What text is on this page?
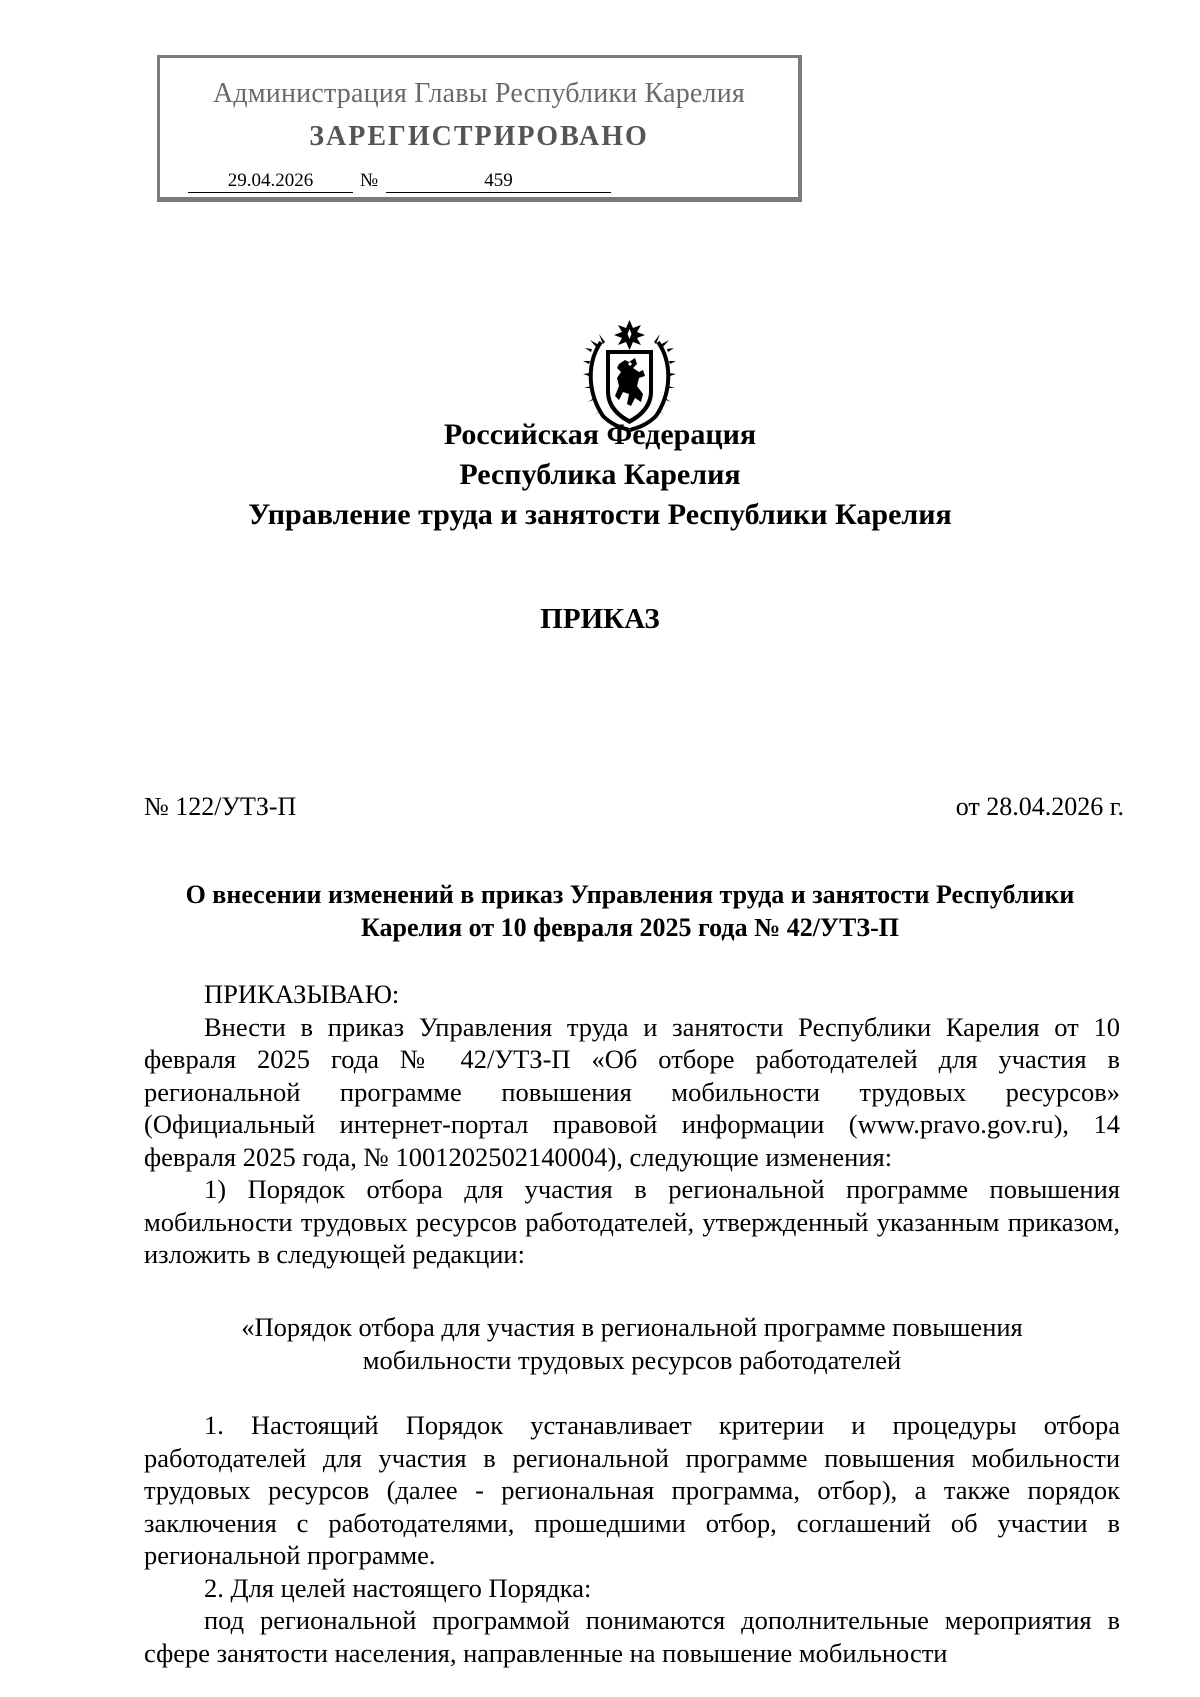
Администрация Главы Республики Карелия
ЗАРЕГИСТРИРОВАНО
29.04.2026	№	459
Российская Федерация
Республика Карелия
Управление труда и занятости Республики Карелия
ПРИКАЗ
№ 122/УТЗ-П	от 28.04.2026 г.
О внесении изменений в приказ Управления труда и занятости Республики
Карелия от 10 февраля 2025 года № 42/УТЗ-П

ПРИКАЗЫВАЮ:

Внести в приказ Управления труда и занятости Республики Карелия от 10 февраля 2025 года № 42/УТЗ-П «Об отборе работодателей для участия в региональной программе повышения мобильности трудовых ресурсов» (Официальный интернет-портал правовой информации (www.pravo.gov.ru), 14 февраля 2025 года, № 1001202502140004), следующие изменения:

1) Порядок отбора для участия в региональной программе повышения мобильности трудовых ресурсов работодателей, утвержденный указанным приказом, изложить в следующей редакции:

«Порядок отбора для участия в региональной программе повышения
мобильности трудовых ресурсов работодателей

1. Настоящий Порядок устанавливает критерии и процедуры отбора работодателей для участия в региональной программе повышения мобильности трудовых ресурсов (далее - региональная программа, отбор), а также порядок заключения с работодателями, прошедшими отбор, соглашений об участии в региональной программе.

2. Для целей настоящего Порядка:

под региональной программой понимаются дополнительные мероприятия в сфере занятости населения, направленные на повышение мобильности
